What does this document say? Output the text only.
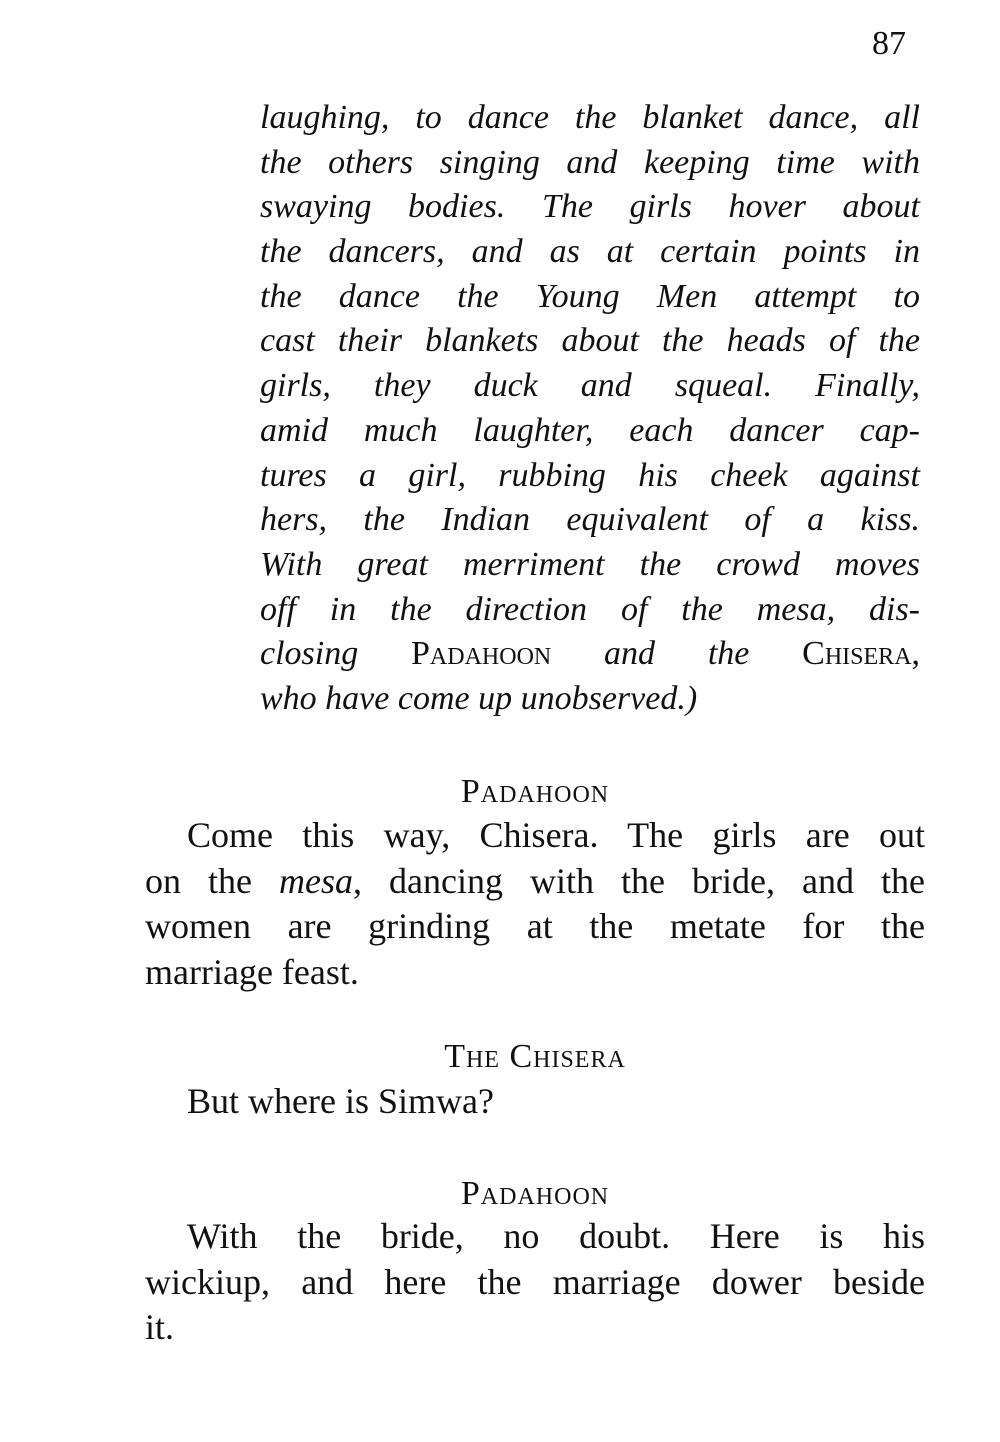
87
laughing, to dance the blanket dance, all
the others singing and keeping time with
swaying bodies. The girls hover about
the dancers, and as at certain points in
the dance the Young Men attempt to
cast their blankets about the heads of the
girls, they duck and squeal. Finally,
amid much laughter, each dancer cap-
tures a girl, rubbing his cheek against
hers, the Indian equivalent of a kiss.
With great merriment the crowd moves
off in the direction of the mesa, dis-
closing Padahoon and the Chisera,
who have come up unobserved.)
Padahoon
Come this way, Chisera. The girls are out
on the mesa, dancing with the bride, and the
women are grinding at the metate for the
marriage feast.
The Chisera
But where is Simwa?
Padahoon
With the bride, no doubt. Here is his
wickiup, and here the marriage dower beside
it.
